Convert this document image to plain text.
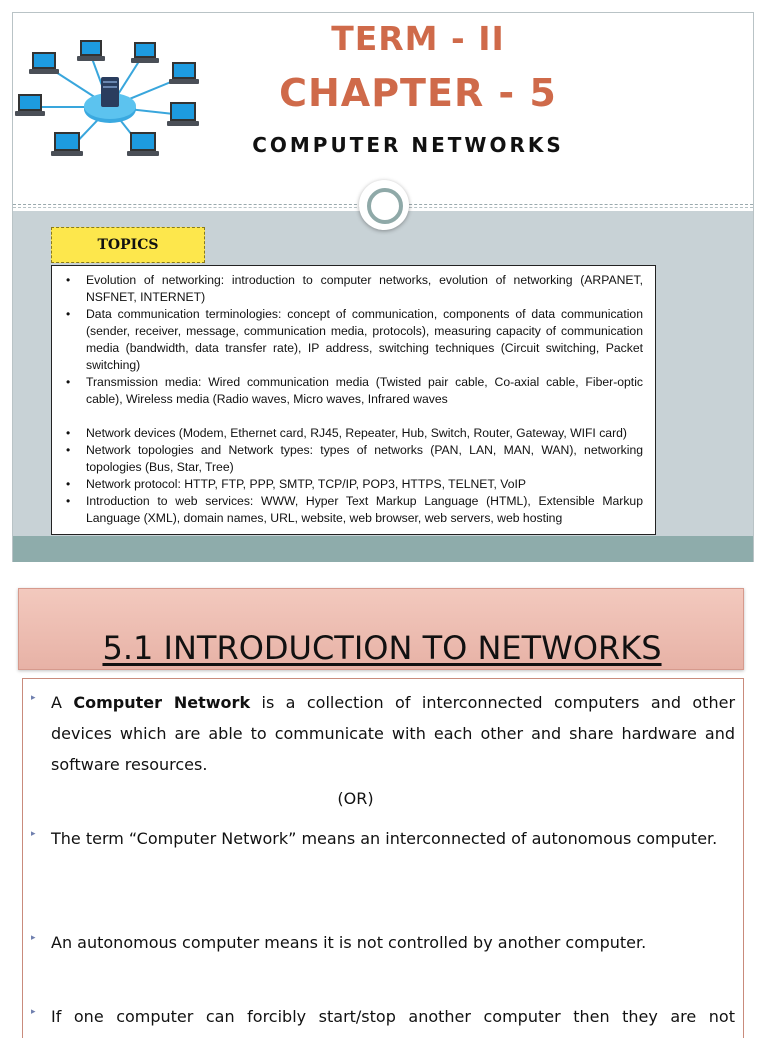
TERM - II
CHAPTER - 5
COMPUTER NETWORKS
TOPICS
• Evolution of networking: introduction to computer networks, evolution of networking (ARPANET, NSFNET, INTERNET)
• Data communication terminologies: concept of communication, components of data communication (sender, receiver, message, communication media, protocols), measuring capacity of communication media (bandwidth, data transfer rate), IP address, switching techniques (Circuit switching, Packet switching)
• Transmission media: Wired communication media (Twisted pair cable, Co-axial cable, Fiber-optic cable), Wireless media (Radio waves, Micro waves, Infrared waves
• Network devices (Modem, Ethernet card, RJ45, Repeater, Hub, Switch, Router, Gateway, WIFI card)
• Network topologies and Network types: types of networks (PAN, LAN, MAN, WAN), networking topologies (Bus, Star, Tree)
• Network protocol: HTTP, FTP, PPP, SMTP, TCP/IP, POP3, HTTPS, TELNET, VoIP
• Introduction to web services: WWW, Hyper Text Markup Language (HTML), Extensible Markup Language (XML), domain names, URL, website, web browser, web servers, web hosting
5.1 INTRODUCTION TO NETWORKS
▸
A Computer Network is a collection of interconnected computers and other devices which are able to communicate with each other and share hardware and software resources.
(OR)
▸
The term “Computer Network” means an interconnected of autonomous computer.
▸
An autonomous computer means it is not controlled by another computer.
▸
If one computer can forcibly start/stop another computer then they are not
